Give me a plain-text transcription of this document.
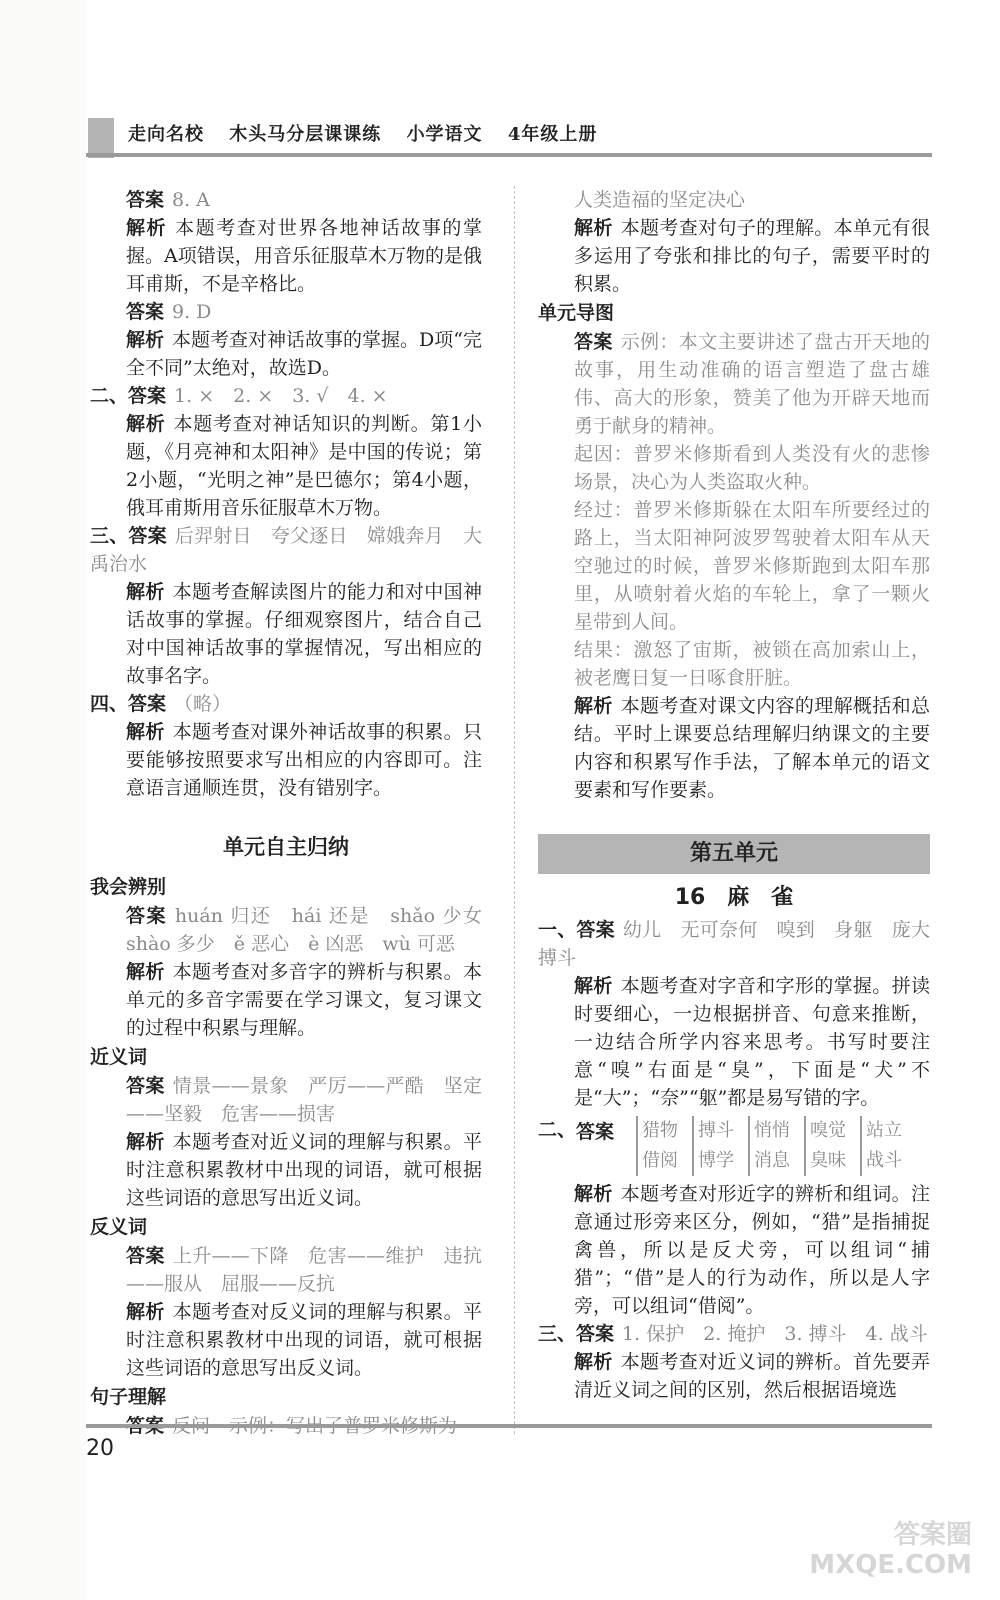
走向名校 木头马分层课课练 小学语文 4年级上册

答案 8. A

解析 本题考查对世界各地神话故事的掌握。A项错误，用音乐征服草木万物的是俄耳甫斯，不是辛格比。

答案 9. D

解析 本题考查对神话故事的掌握。D项“完全不同”太绝对，故选D。

二、答案 1. ×　2. ×　3. √　4. ×

解析 本题考查对神话知识的判断。第1小题，《月亮神和太阳神》是中国的传说；第2小题，“光明之神”是巴德尔；第4小题，俄耳甫斯用音乐征服草木万物。

三、答案 后羿射日　夸父逐日　嫦娥奔月　大禹治水

解析 本题考查解读图片的能力和对中国神话故事的掌握。仔细观察图片，结合自己对中国神话故事的掌握情况，写出相应的故事名字。

四、答案 （略）

解析 本题考查对课外神话故事的积累。只要能够按照要求写出相应的内容即可。注意语言通顺连贯，没有错别字。

单元自主归纳

我会辨别

答案 huán 归还　hái 还是　shǎo 少女　shào 多少　ě 恶心　è 凶恶　wù 可恶

解析 本题考查对多音字的辨析与积累。本单元的多音字需要在学习课文，复习课文的过程中积累与理解。

近义词

答案 情景——景象　严厉——严酷　坚定——坚毅　危害——损害

解析 本题考查对近义词的理解与积累。平时注意积累教材中出现的词语，就可根据这些词语的意思写出近义词。

反义词

答案 上升——下降　危害——维护　违抗——服从　屈服——反抗

解析 本题考查对反义词的理解与积累。平时注意积累教材中出现的词语，就可根据这些词语的意思写出反义词。

句子理解

人类造福的坚定决心

解析 本题考查对句子的理解。本单元有很多运用了夸张和排比的句子，需要平时的积累。

单元导图

答案 示例：本文主要讲述了盘古开天地的故事，用生动准确的语言塑造了盘古雄伟、高大的形象，赞美了他为开辟天地而勇于献身的精神。

起因：普罗米修斯看到人类没有火的悲惨场景，决心为人类盗取火种。

经过：普罗米修斯躲在太阳车所要经过的路上，当太阳神阿波罗驾驶着太阳车从天空驰过的时候，普罗米修斯跑到太阳车那里，从喷射着火焰的车轮上，拿了一颗火星带到人间。

结果：激怒了宙斯，被锁在高加索山上，被老鹰日复一日啄食肝脏。

解析 本题考查对课文内容的理解概括和总结。平时上课要总结理解归纳课文的主要内容和积累写作手法，了解本单元的语文要素和写作要素。

第五单元
16　麻　雀

一、答案 幼儿　无可奈何　嗅到　身躯　庞大　搏斗

解析 本题考查对字音和字形的掌握。拼读时要细心，一边根据拼音、句意来推断，一边结合所学内容来思考。书写时要注意“嗅”右面是“臭”，下面是“犬”不是“大”；“奈”“躯”都是易写错的字。

二、 答案 猎物
借阅
搏斗
博学
悄悄
消息
嗅觉
臭味
站立
战斗

解析 本题考查对形近字的辨析和组词。注意通过形旁来区分，例如，“猎”是指捕捉禽兽，所以是反犬旁，可以组词“捕猎”；“借”是人的行为动作，所以是人字旁，可以组词“借阅”。

三、答案 1. 保护　2. 掩护　3. 搏斗　4. 战斗

解析 本题考查对近义词的辨析。首先要弄清近义词之间的区别，然后根据语境选

20
答案圈
MXQE.COM
